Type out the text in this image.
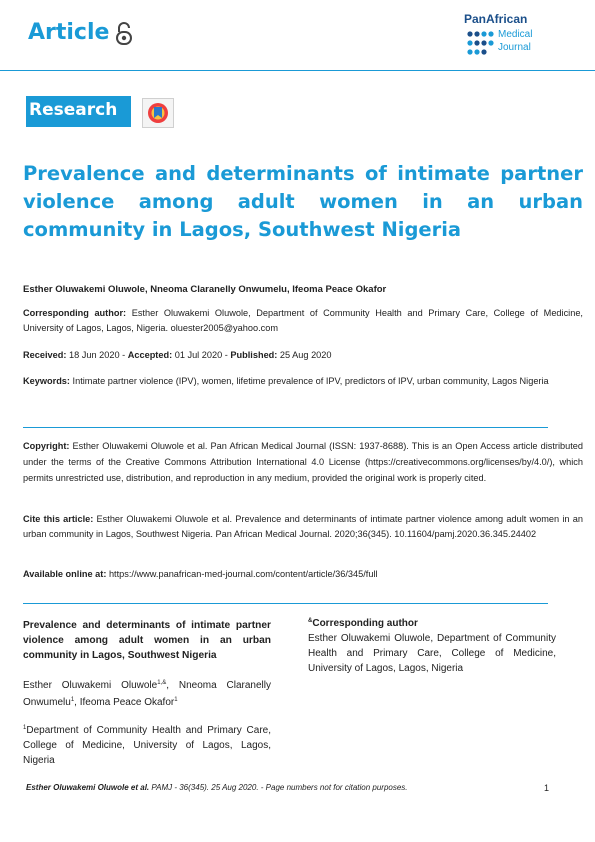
Article
PanAfrican
Medical
Journal
Research
Prevalence and determinants of intimate partner violence among adult women in an urban community in Lagos, Southwest Nigeria
Esther Oluwakemi Oluwole, Nneoma Claranelly Onwumelu, Ifeoma Peace Okafor

Corresponding author: Esther Oluwakemi Oluwole, Department of Community Health and Primary Care, College of Medicine, University of Lagos, Lagos, Nigeria. oluester2005@yahoo.com

Received: 18 Jun 2020 - Accepted: 01 Jul 2020 - Published: 25 Aug 2020

Keywords: Intimate partner violence (IPV), women, lifetime prevalence of IPV, predictors of IPV, urban community, Lagos Nigeria

Copyright: Esther Oluwakemi Oluwole et al. Pan African Medical Journal (ISSN: 1937-8688). This is an Open Access article distributed under the terms of the Creative Commons Attribution International 4.0 License (https://creativecommons.org/licenses/by/4.0/), which permits unrestricted use, distribution, and reproduction in any medium, provided the original work is properly cited.

Cite this article: Esther Oluwakemi Oluwole et al. Prevalence and determinants of intimate partner violence among adult women in an urban community in Lagos, Southwest Nigeria. Pan African Medical Journal. 2020;36(345). 10.11604/pamj.2020.36.345.24402

Available online at: https://www.panafrican-med-journal.com/content/article/36/345/full

Prevalence and determinants of intimate partner violence among adult women in an urban community in Lagos, Southwest Nigeria
Esther Oluwakemi Oluwole$^{1,\&}$, Nneoma Claranelly Onwumelu$^1$, Ifeoma Peace Okafor$^1$
$^1$Department of Community Health and Primary Care, College of Medicine, University of Lagos, Lagos, Nigeria
&Corresponding author
Esther Oluwakemi Oluwole, Department of Community Health and Primary Care, College of Medicine, University of Lagos, Lagos, Nigeria
Esther Oluwakemi Oluwole et al. PAMJ - 36(345). 25 Aug 2020. - Page numbers not for citation purposes.	1
